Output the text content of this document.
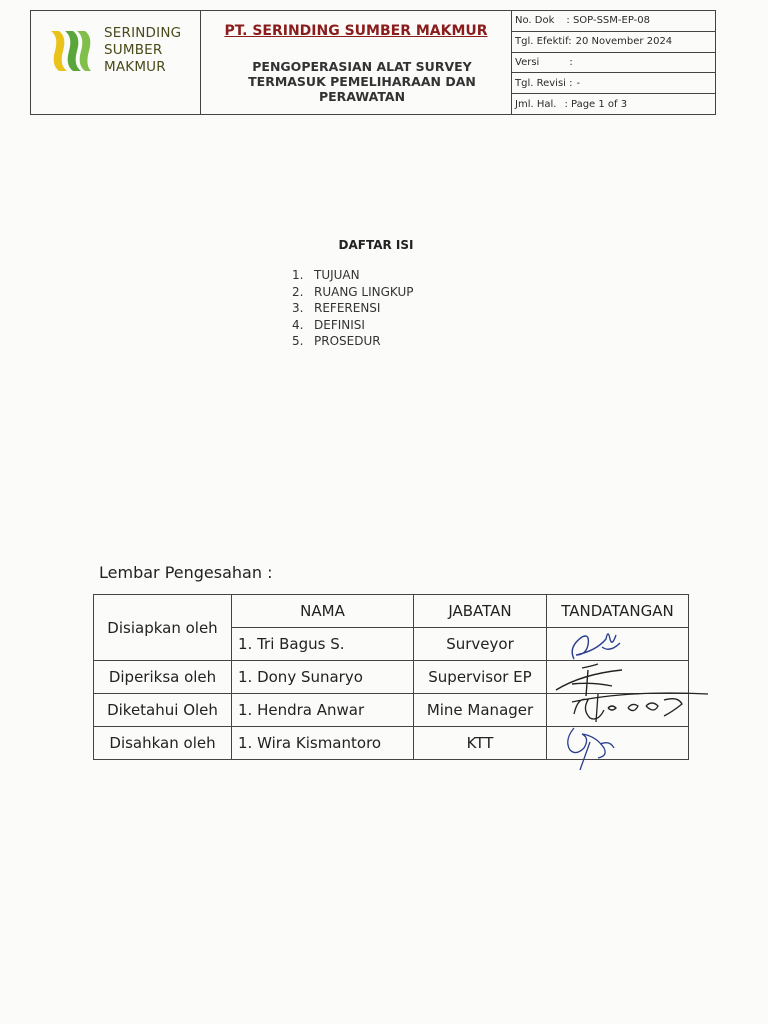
SERINDING
SUMBER
MAKMUR
PT. SERINDING SUMBER MAKMUR
PENGOPERASIAN ALAT SURVEY
TERMASUK PEMELIHARAAN DAN
PERAWATAN
No. Dok : SOP-SSM-EP-08
Tgl. Efektif: 20 November 2024
Versi	:
Tgl. Revisi : -
Jml. Hal. : Page 1 of 3
DAFTAR ISI
1. TUJUAN
2. RUANG LINGKUP
3. REFERENSI
4. DEFINISI
5. PROSEDUR
Lembar Pengesahan :
Disiapkan oleh	NAMA	JABATAN	TANDATANGAN
	1. Tri Bagus S.	Surveyor	
Diperiksa oleh	1. Dony Sunaryo	Supervisor EP	
Diketahui Oleh	1. Hendra Anwar	Mine Manager	
Disahkan oleh	1. Wira Kismantoro	KTT	
